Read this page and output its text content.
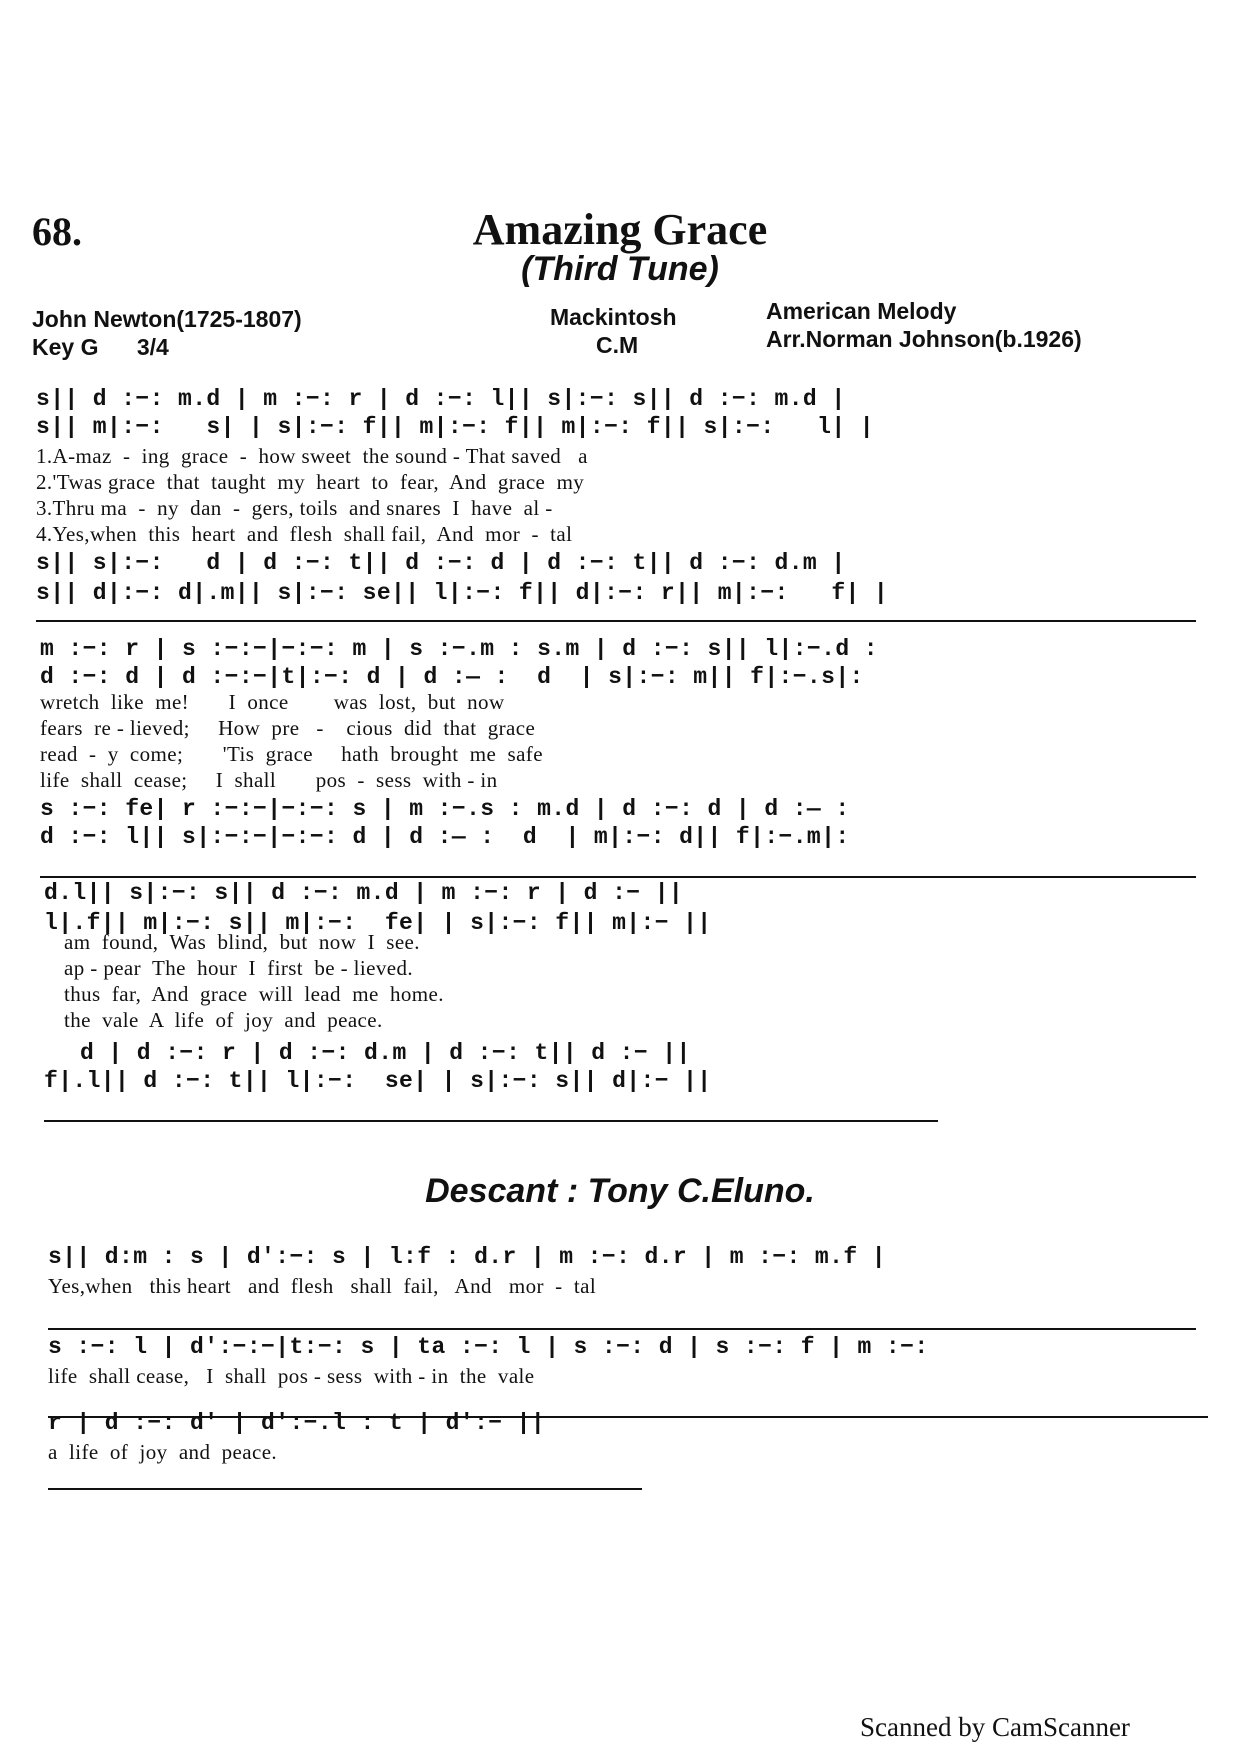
68.	Amazing Grace
(Third Tune)
John Newton(1725-1807)
Key G      3/4
Mackintosh
C.M
American Melody
Arr.Norman Johnson(b.1926)
s|| d :−: m.d | m :−: r | d :−: l|| s|:−: s|| d :−: m.d |
s|| m|:−:   s| | s|:−: f|| m|:−: f|| m|:−: f|| s|:−:   l| |
1.A-maz  -  ing  grace  -  how sweet  the sound - That saved   a
2.'Twas grace  that  taught  my  heart  to  fear,  And  grace  my
3.Thru ma  -  ny  dan  -  gers, toils  and snares  I  have  al -
4.Yes,when  this  heart  and  flesh  shall fail,  And  mor  -  tal
s|| s|:−:   d | d :−: t|| d :−: d | d :−: t|| d :−: d.m |
s|| d|:−: d|.m|| s|:−: se|| l|:−: f|| d|:−: r|| m|:−:   f| |
m :−: r | s :−:−|−:−: m | s :−.m : s.m | d :−: s|| l|:−.d :
d :−: d | d :−:−|t|:−: d | d :— :  d  | s|:−: m|| f|:−.s|:
wretch  like  me!       I  once        was  lost,  but  now
fears  re - lieved;     How  pre   -    cious  did  that  grace
read  -  y  come;       'Tis  grace     hath  brought  me  safe
life  shall  cease;     I  shall       pos  -  sess  with - in
s :−: fe| r :−:−|−:−: s | m :−.s : m.d | d :−: d | d :— :
d :−: l|| s|:−:−|−:−: d | d :— :  d  | m|:−: d|| f|:−.m|:
d.l|| s|:−: s|| d :−: m.d | m :−: r | d :− ||
l|.f|| m|:−: s|| m|:−:  fe| | s|:−: f|| m|:− ||
am  found,  Was  blind,  but  now  I  see.
ap - pear  The  hour  I  first  be - lieved.
thus  far,  And  grace  will  lead  me  home.
the  vale  A  life  of  joy  and  peace.
d | d :−: r | d :−: d.m | d :−: t|| d :− ||
f|.l|| d :−: t|| l|:−:  se| | s|:−: s|| d|:− ||
Descant : Tony C.Eluno.
s|| d:m : s | d':−: s | l:f : d.r | m :−: d.r | m :−: m.f |
Yes,when   this heart   and  flesh   shall  fail,   And   mor  -  tal
s :−: l | d':−:−|t:−: s | ta :−: l | s :−: d | s :−: f | m :−:
life  shall cease,   I  shall  pos - sess  with - in  the  vale
r | d :−: d' | d':−.l : t | d':− ||
a  life  of  joy  and  peace.
Scanned by CamScanner
